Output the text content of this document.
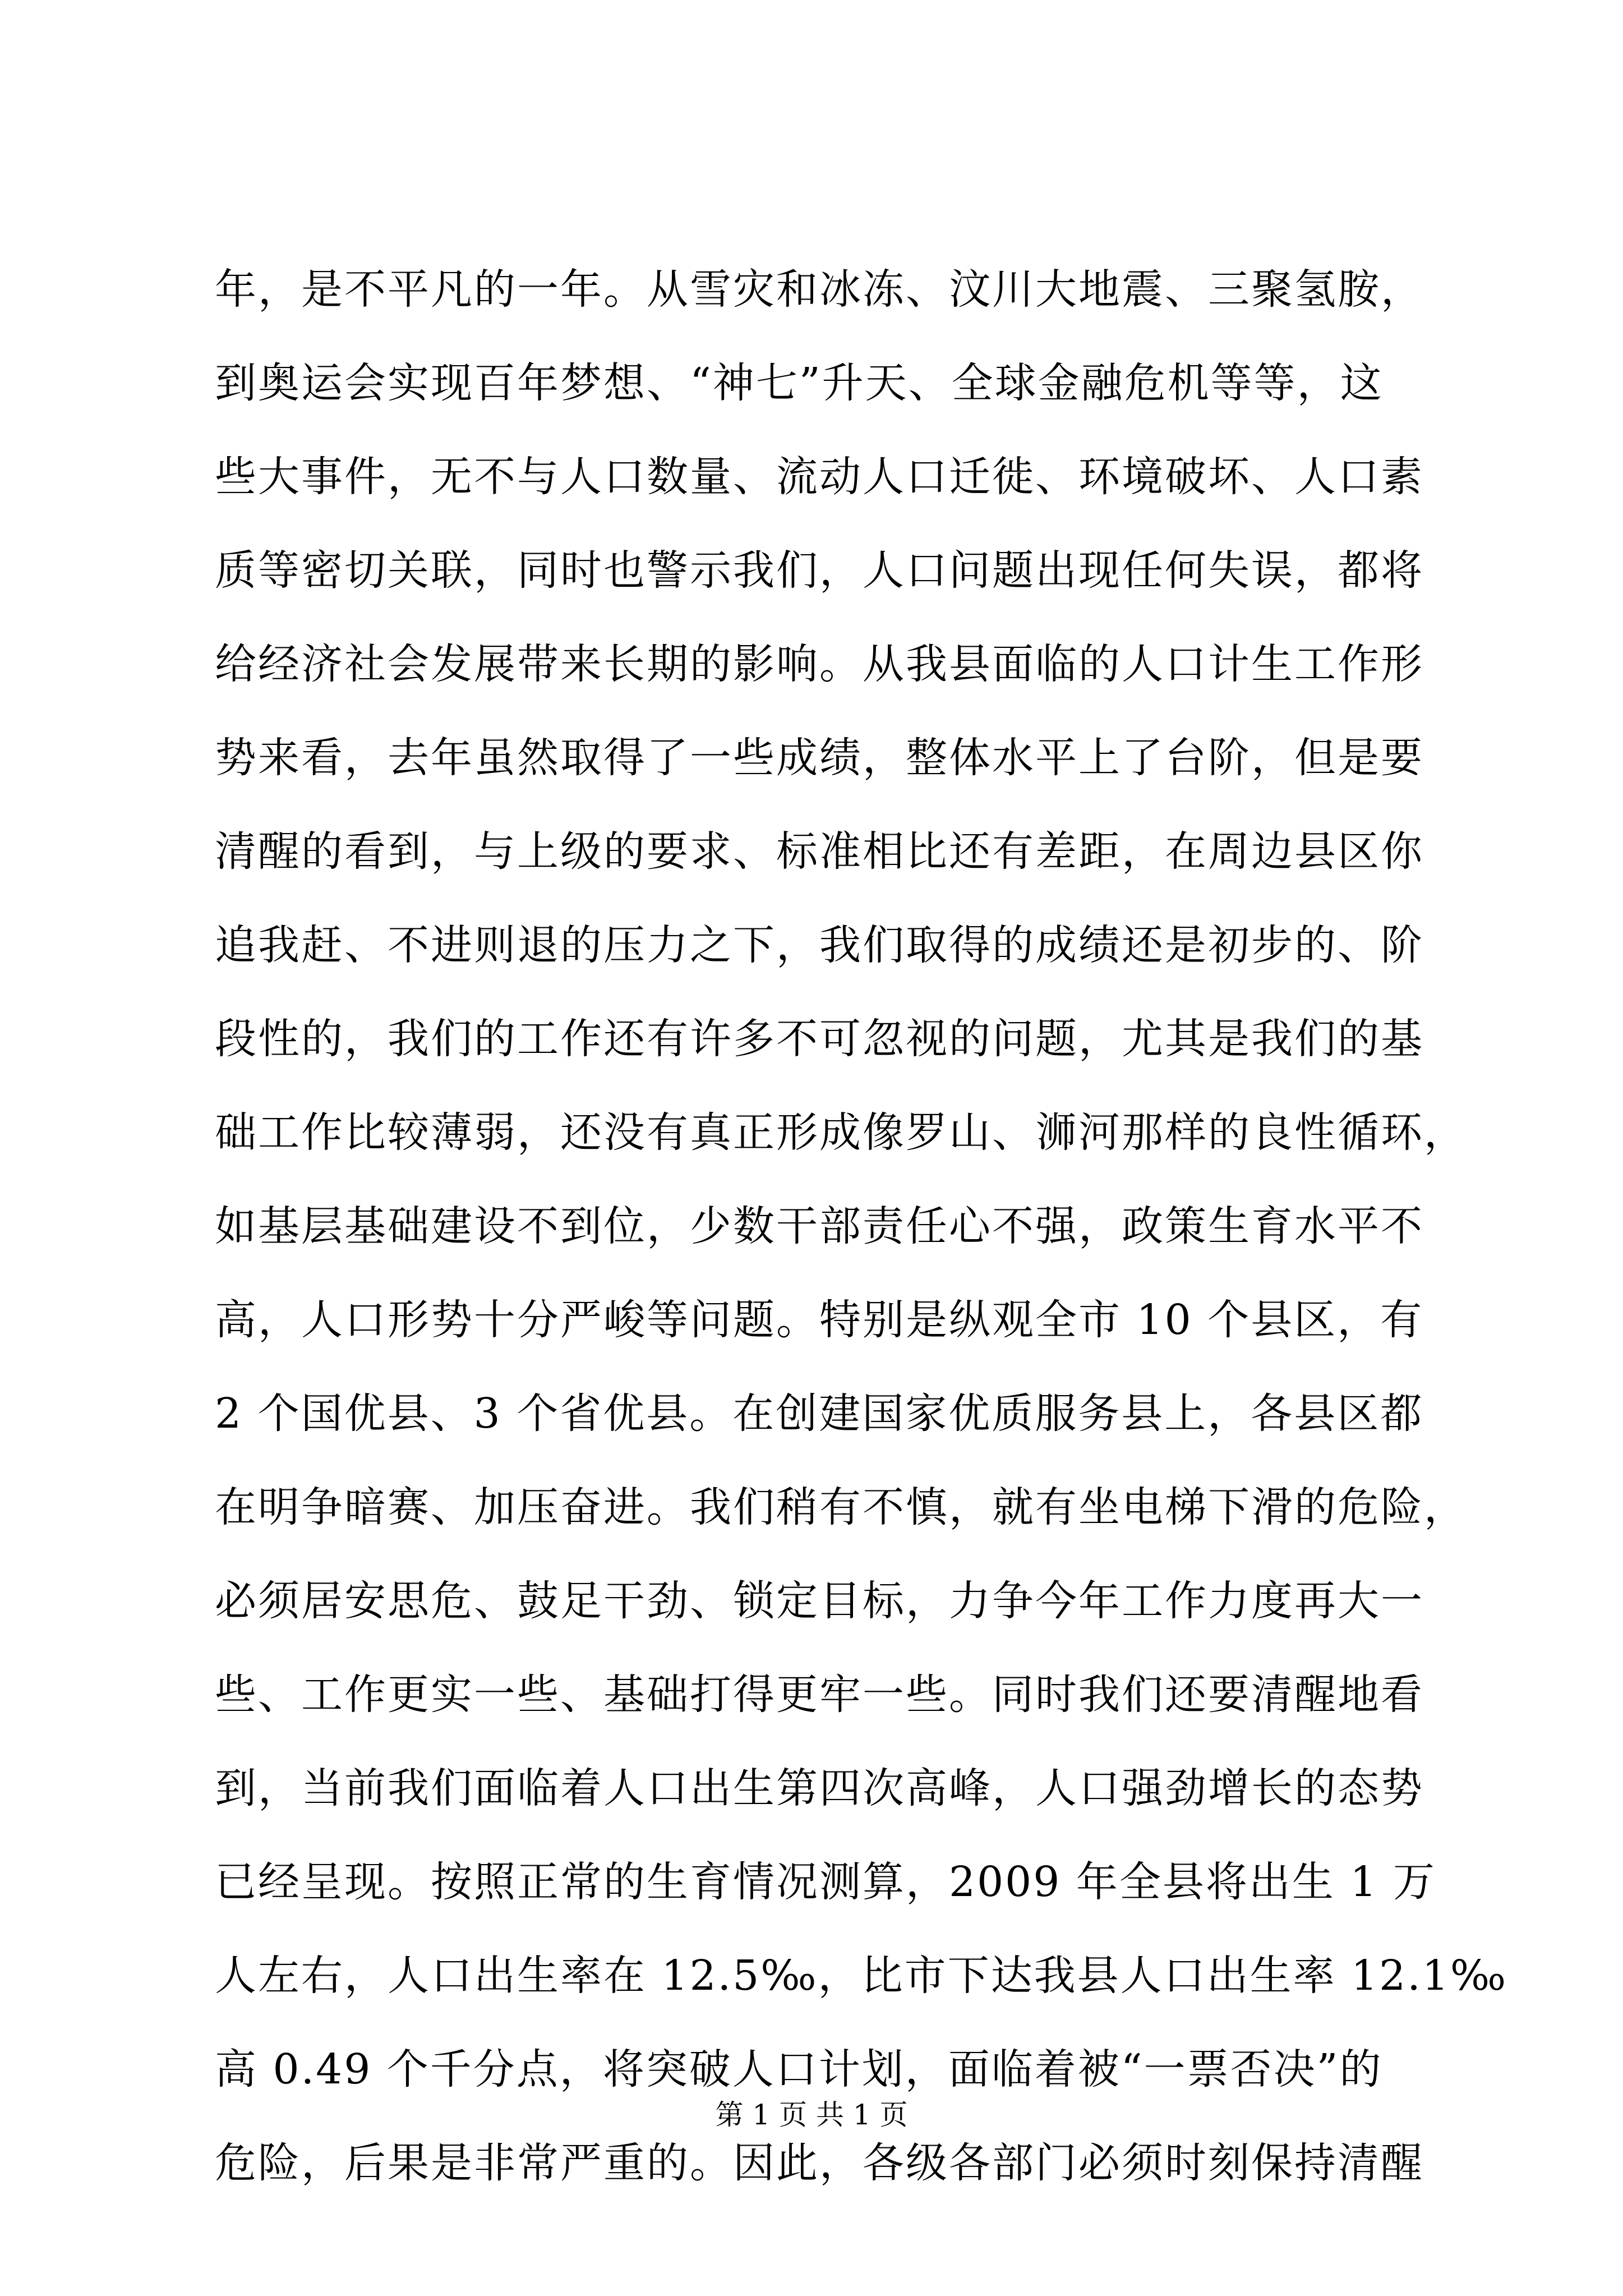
年，是不平凡的一年。从雪灾和冰冻、汶川大地震、三聚氢胺，
到奥运会实现百年梦想、“神七”升天、全球金融危机等等，这
些大事件，无不与人口数量、流动人口迁徙、环境破坏、人口素
质等密切关联，同时也警示我们，人口问题出现任何失误，都将
给经济社会发展带来长期的影响。从我县面临的人口计生工作形
势来看，去年虽然取得了一些成绩，整体水平上了台阶，但是要
清醒的看到，与上级的要求、标准相比还有差距，在周边县区你
追我赶、不进则退的压力之下，我们取得的成绩还是初步的、阶
段性的，我们的工作还有许多不可忽视的问题，尤其是我们的基
础工作比较薄弱，还没有真正形成像罗山、浉河那样的良性循环，
如基层基础建设不到位，少数干部责任心不强，政策生育水平不
高，人口形势十分严峻等问题。特别是纵观全市 10 个县区，有
2 个国优县、3 个省优县。在创建国家优质服务县上，各县区都
在明争暗赛、加压奋进。我们稍有不慎，就有坐电梯下滑的危险，
必须居安思危、鼓足干劲、锁定目标，力争今年工作力度再大一
些、工作更实一些、基础打得更牢一些。同时我们还要清醒地看
到，当前我们面临着人口出生第四次高峰，人口强劲增长的态势
已经呈现。按照正常的生育情况测算，2009 年全县将出生 1 万
人左右，人口出生率在 12.5‰，比市下达我县人口出生率 12.1‰
高 0.49 个千分点，将突破人口计划，面临着被“一票否决”的
危险，后果是非常严重的。因此，各级各部门必须时刻保持清醒
第 1 页 共 1 页
